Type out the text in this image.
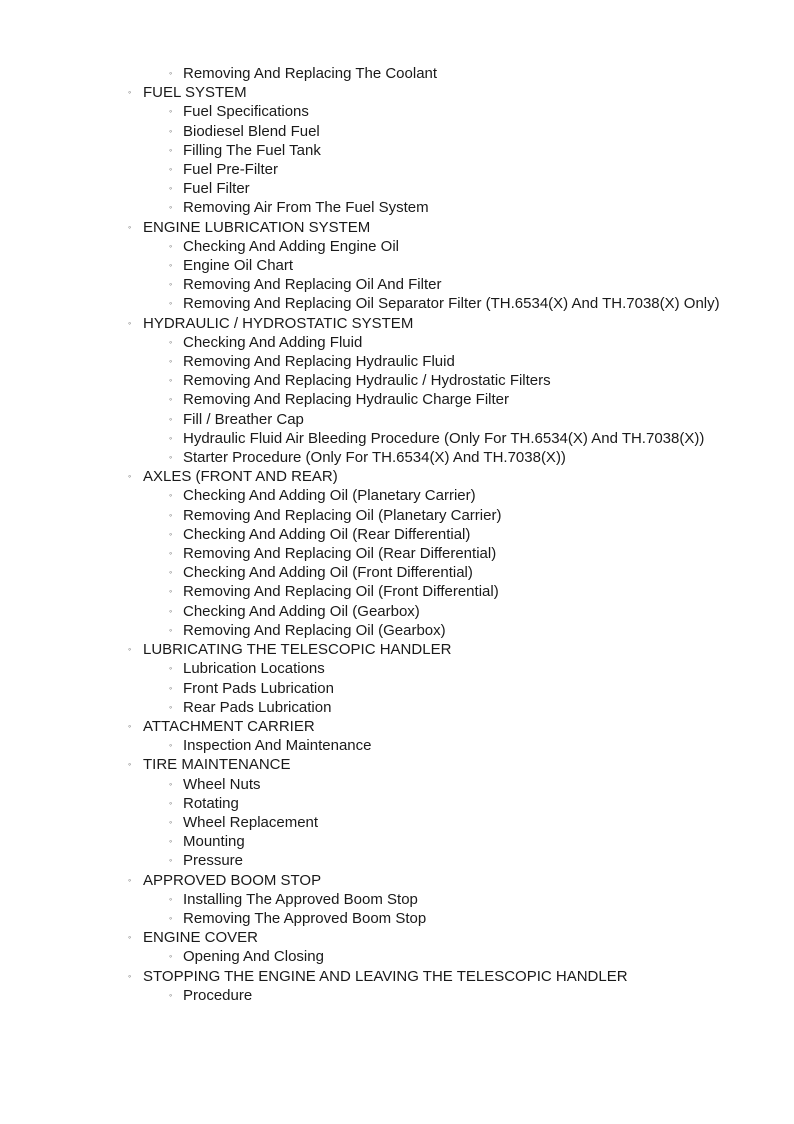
◦ Removing And Replacing The Coolant
◦ FUEL SYSTEM
◦ Fuel Specifications
◦ Biodiesel Blend Fuel
◦ Filling The Fuel Tank
◦ Fuel Pre-Filter
◦ Fuel Filter
◦ Removing Air From The Fuel System
◦ ENGINE LUBRICATION SYSTEM
◦ Checking And Adding Engine Oil
◦ Engine Oil Chart
◦ Removing And Replacing Oil And Filter
◦ Removing And Replacing Oil Separator Filter (TH.6534(X) And TH.7038(X) Only)
◦ HYDRAULIC / HYDROSTATIC SYSTEM
◦ Checking And Adding Fluid
◦ Removing And Replacing Hydraulic Fluid
◦ Removing And Replacing Hydraulic / Hydrostatic Filters
◦ Removing And Replacing Hydraulic Charge Filter
◦ Fill / Breather Cap
◦ Hydraulic Fluid Air Bleeding Procedure (Only For TH.6534(X) And TH.7038(X))
◦ Starter Procedure (Only For TH.6534(X) And TH.7038(X))
◦ AXLES (FRONT AND REAR)
◦ Checking And Adding Oil (Planetary Carrier)
◦ Removing And Replacing Oil (Planetary Carrier)
◦ Checking And Adding Oil (Rear Differential)
◦ Removing And Replacing Oil (Rear Differential)
◦ Checking And Adding Oil (Front Differential)
◦ Removing And Replacing Oil (Front Differential)
◦ Checking And Adding Oil (Gearbox)
◦ Removing And Replacing Oil (Gearbox)
◦ LUBRICATING THE TELESCOPIC HANDLER
◦ Lubrication Locations
◦ Front Pads Lubrication
◦ Rear Pads Lubrication
◦ ATTACHMENT CARRIER
◦ Inspection And Maintenance
◦ TIRE MAINTENANCE
◦ Wheel Nuts
◦ Rotating
◦ Wheel Replacement
◦ Mounting
◦ Pressure
◦ APPROVED BOOM STOP
◦ Installing The Approved Boom Stop
◦ Removing The Approved Boom Stop
◦ ENGINE COVER
◦ Opening And Closing
◦ STOPPING THE ENGINE AND LEAVING THE TELESCOPIC HANDLER
◦ Procedure
